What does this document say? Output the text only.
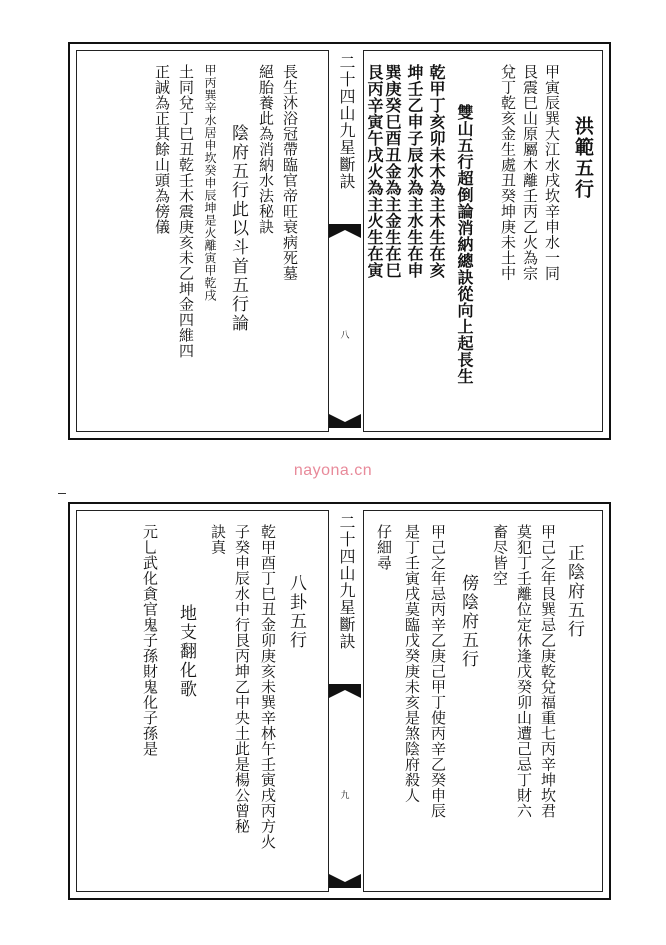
洪範五行
甲寅辰巽大江水戌坎辛申水一同
艮震巳山原屬木離壬丙乙火為宗
兌丁乾亥金生處丑癸坤庚未土中
雙山五行超倒論消納總訣從向上起長生
乾甲丁亥卯未木為主木生在亥
坤壬乙申子辰水為主水生在申
巽庚癸巳酉丑金為主金生在巳
艮丙辛寅午戌火為主火生在寅
二十四山九星斷訣
八
長生沐浴冠帶臨官帝旺衰病死墓
絕胎養此為消納水法秘訣
陰府五行此以斗首五行論
甲丙巽辛水居申坎癸申辰坤是火離寅甲乾戌
土同兌丁巳丑乾壬木震庚亥未乙坤金四維四
正誠為正其餘山頭為傍儀
nayona.cn
正陰府五行
甲己之年艮巽忌乙庚乾兌福重七丙辛坤坎君
莫犯丁壬離位定休逢戊癸卯山遭己忌丁財六
畜尽皆空
傍陰府五行
甲己之年忌丙辛乙庚己甲丁使丙辛乙癸申辰
是丁壬寅戌莫臨戊癸庚未亥是煞陰府殺人
仔細尋
二十四山九星斷訣
九
八卦五行
乾甲酉丁巳丑金卯庚亥未巽辛林午壬寅戌丙方火
子癸申辰水中行艮丙坤乙中央土此是楊公曾秘
訣真
地支翻化歌
元乚武化貪官鬼子孫財鬼化子孫是
